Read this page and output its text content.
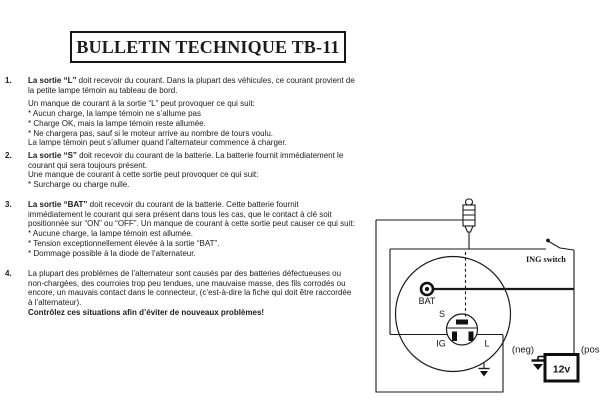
BULLETIN TECHNIQUE TB-11
1.	La sortie “L” doit recevoir du courant. Dans la plupart des véhicules, ce courant provient de
la petite lampe témoin au tableau de bord.
Un manque de courant à la sortie “L” peut provoquer ce qui suit:
* Aucun charge, la lampe témoin ne s’allume pas
* Charge OK, mais la lampe témoin reste allumée.
* Ne chargera pas, sauf si le moteur arrive au nombre de tours voulu.
La lampe témoin peut s’allumer quand l’alternateur commence à charger.
2.	La sortie “S” doit recevoir du courant de la batterie. La batterie fournit immédiatement le
courant qui sera toujours présent.
Une manque de courant à cette sortie peut provoquer ce qui suit:
* Surcharge ou charge nulle.
3.	La sortie “BAT” doit recevoir du courant de la batterie. Cette batterie fournit
immédiatement le courant qui sera présent dans tous les cas, que le contact à clé soit
positionnée sur “ON” ou “OFF”. Un manque de courant à cette sortie peut causer ce qui suit:
* Aucune charge, la lampe témoin est allumée.
* Tension exceptionnellement élevée à la sortie “BAT”.
* Dommage possible à la diode de l’alternateur.
4.	La plupart des problèmes de l’alternateur sont causés par des batteries défectueuses ou
non-chargées, des courroies trop peu tendues, une mauvaise masse, des fils corrodés ou
encore, un mauvais contact dans le connecteur, (c’est-à-dire la fiche qui doit être raccordée
à l’alternateur).
Contrôlez ces situations afin d’éviter de nouveaux problèmes!
12v
ING switch
BAT
S
IG	L
(neg)	(pos
